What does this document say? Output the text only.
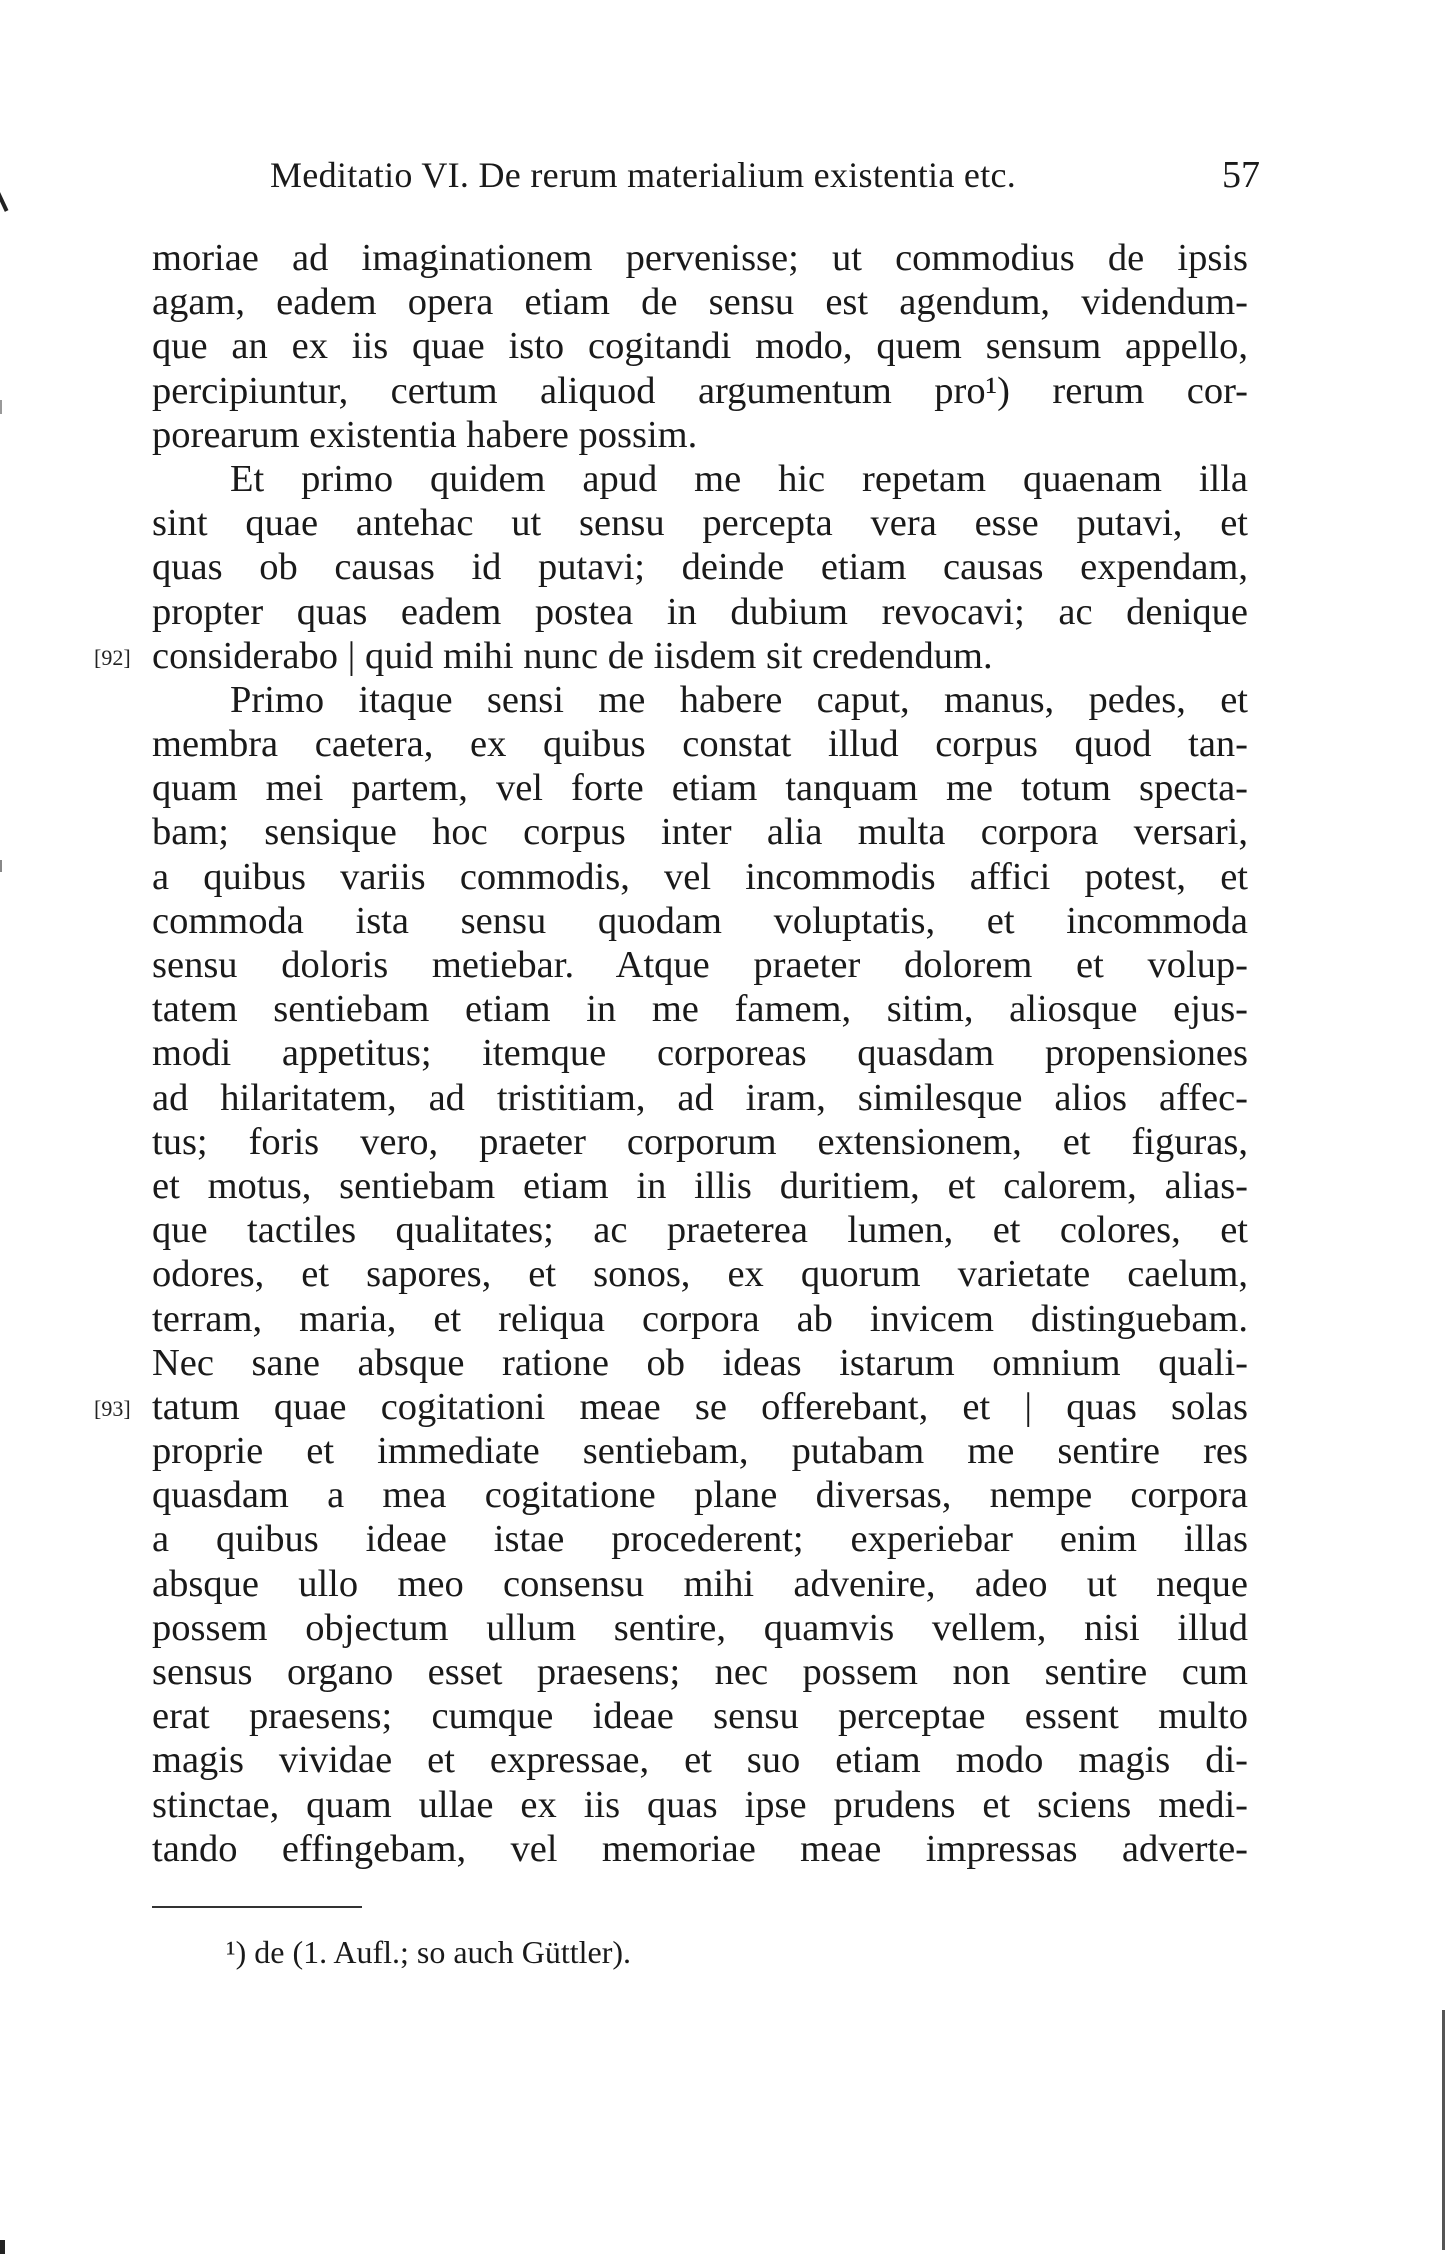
Meditatio VI. De rerum materialium existentia etc.	57
moriae ad imaginationem pervenisse; ut commodius de ipsis
agam, eadem opera etiam de sensu est agendum, videndum-
que an ex iis quae isto cogitandi modo, quem sensum appello,
percipiuntur, certum aliquod argumentum pro¹) rerum cor-
porearum existentia habere possim.
Et primo quidem apud me hic repetam quaenam illa
sint quae antehac ut sensu percepta vera esse putavi, et
quas ob causas id putavi; deinde etiam causas expendam,
propter quas eadem postea in dubium revocavi; ac denique
[92] considerabo | quid mihi nunc de iisdem sit credendum.
Primo itaque sensi me habere caput, manus, pedes, et
membra caetera, ex quibus constat illud corpus quod tan-
quam mei partem, vel forte etiam tanquam me totum specta-
bam; sensique hoc corpus inter alia multa corpora versari,
a quibus variis commodis, vel incommodis affici potest, et
commoda ista sensu quodam voluptatis, et incommoda
sensu doloris metiebar. Atque praeter dolorem et volup-
tatem sentiebam etiam in me famem, sitim, aliosque ejus-
modi appetitus; itemque corporeas quasdam propensiones
ad hilaritatem, ad tristitiam, ad iram, similesque alios affec-
tus; foris vero, praeter corporum extensionem, et figuras,
et motus, sentiebam etiam in illis duritiem, et calorem, alias-
que tactiles qualitates; ac praeterea lumen, et colores, et
odores, et sapores, et sonos, ex quorum varietate caelum,
terram, maria, et reliqua corpora ab invicem distinguebam.
Nec sane absque ratione ob ideas istarum omnium quali-
[93] tatum quae cogitationi meae se offerebant, et | quas solas
proprie et immediate sentiebam, putabam me sentire res
quasdam a mea cogitatione plane diversas, nempe corpora
a quibus ideae istae procederent; experiebar enim illas
absque ullo meo consensu mihi advenire, adeo ut neque
possem objectum ullum sentire, quamvis vellem, nisi illud
sensus organo esset praesens; nec possem non sentire cum
erat praesens; cumque ideae sensu perceptae essent multo
magis vividae et expressae, et suo etiam modo magis di-
stinctae, quam ullae ex iis quas ipse prudens et sciens medi-
tando effingebam, vel memoriae meae impressas adverte-
¹) de (1. Aufl.; so auch Güttler).
